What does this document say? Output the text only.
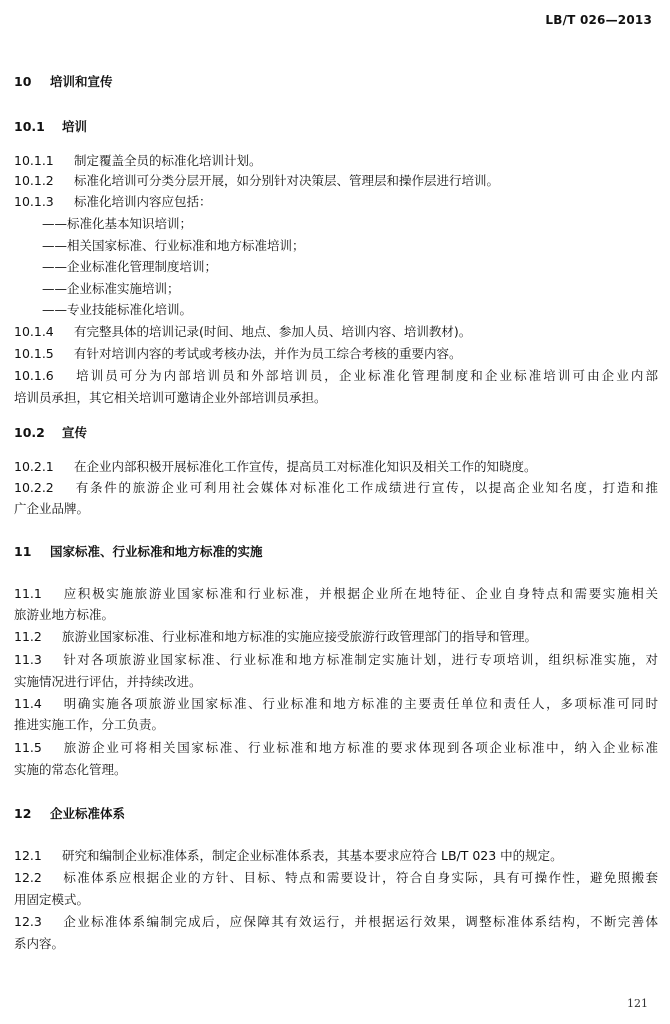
LB/T 026—2013
10 培训和宣传
10.1 培训
10.1.1 制定覆盖全员的标准化培训计划。
10.1.2 标准化培训可分类分层开展，如分别针对决策层、管理层和操作层进行培训。
10.1.3 标准化培训内容应包括：
——标准化基本知识培训；
——相关国家标准、行业标准和地方标准培训；
——企业标准化管理制度培训；
——企业标准实施培训；
——专业技能标准化培训。
10.1.4 有完整具体的培训记录(时间、地点、参加人员、培训内容、培训教材)。
10.1.5 有针对培训内容的考试或考核办法，并作为员工综合考核的重要内容。
10.1.6 培训员可分为内部培训员和外部培训员，企业标准化管理制度和企业标准培训可由企业内部
培训员承担，其它相关培训可邀请企业外部培训员承担。
10.2 宣传
10.2.1 在企业内部积极开展标准化工作宣传，提高员工对标准化知识及相关工作的知晓度。
10.2.2 有条件的旅游企业可利用社会媒体对标准化工作成绩进行宣传，以提高企业知名度，打造和推
广企业品牌。
11 国家标准、行业标准和地方标准的实施
11.1 应积极实施旅游业国家标准和行业标准，并根据企业所在地特征、企业自身特点和需要实施相关
旅游业地方标准。
11.2 旅游业国家标准、行业标准和地方标准的实施应接受旅游行政管理部门的指导和管理。
11.3 针对各项旅游业国家标准、行业标准和地方标准制定实施计划，进行专项培训，组织标准实施，对
实施情况进行评估，并持续改进。
11.4 明确实施各项旅游业国家标准、行业标准和地方标准的主要责任单位和责任人，多项标准可同时
推进实施工作，分工负责。
11.5 旅游企业可将相关国家标准、行业标准和地方标准的要求体现到各项企业标准中，纳入企业标准
实施的常态化管理。
12 企业标准体系
12.1 研究和编制企业标准体系，制定企业标准体系表，其基本要求应符合 LB/T 023 中的规定。
12.2 标准体系应根据企业的方针、目标、特点和需要设计，符合自身实际，具有可操作性，避免照搬套
用固定模式。
12.3 企业标准体系编制完成后，应保障其有效运行，并根据运行效果，调整标准体系结构，不断完善体
系内容。
121
